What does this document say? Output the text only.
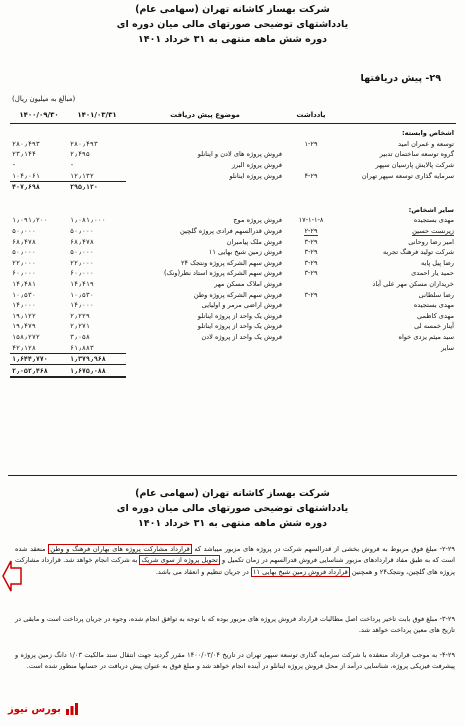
شرکت بهساز کاشانه تهران (سهامی عام)
یادداشتهای توضیحی صورتهای مالی میان دوره ای
دوره شش ماهه منتهی به ۳۱ خرداد ۱۴۰۱
۲۹- پیش دریافتها
(مبالغ به میلیون ریال)
	یادداشت	موضوع پیش دریافت	۱۴۰۱/۰۳/۳۱	۱۴۰۰/۰۹/۳۰
اشخاص وابسته:				
توسعه و عمران امید	۱-۲۹		۲۸۰٫۴۹۳	۲۸۰٫۴۹۳
گروه توسعه ساختمان تدبیر		فروش پروژه های لادن و اینانلو	۲٫۴۹۵	۲۳٫۱۴۴
شرکت پالایش پارسیان سپهر		فروش پروژه البرز	-	-
سرمایه گذاری توسعه سپهر تهران	۴-۲۹	فروش پروژه اینانلو	۱۲٫۱۳۲	۱۰۴٫۰۶۱
			۲۹۵٫۱۲۰	۴۰۷٫۶۹۸

سایر اشخاص:				
مهدی بستجیده	۱۷-۱-۱-۸	فروش پروژه موج	۱٫۰۸۱٫۰۰۰	۱٫۰۹۱٫۲۰۰
زیرنست حسین	۲-۲۹	فروش قدرالسهم فرادی پروژه گلچین	۵۰٫۰۰۰	۵۰٫۰۰۰
امیر رضا روحانی	۳-۲۹	فروش ملک پیامبران	۶۸٫۴۷۸	۶۸٫۴۷۸
شرکت تولید فرهنگ تجربه	۳-۲۹	فروش زمین شیخ بهایی ۱۱	۵۰٫۰۰۰	۵۰٫۰۰۰
رضا پیل پایه	۳-۲۹	فروش سهم الشرکه پروژه ونتجک ۲۴	۲۲٫۰۰۰	۲۲٫۰۰۰
حمید یار احمدی	۳-۲۹	فروش سهم الشرکه پروژه استاد نظر(ونک)	۶۰٫۰۰۰	۶۰٫۰۰۰
خریداران مسکن مهر علی آباد		فروش املاک مسکن مهر	۱۴٫۴۱۹	۱۴٫۴۸۱
رضا سلطانی	۳-۲۹	فروش سهم الشرکه پروژه وطن	۱۰٫۵۳۰	۱۰٫۵۳۰
مهدی بستجیده		فروش اراضی مرمر و اولیایی	۱۴٫۰۰۰	۱۴٫۰۰۰
مهدی کاظمی		فروش یک واحد از پروژه اینانلو	۲٫۲۲۹	۱۹٫۱۲۲
آیناز خمسه لی		فروش یک واحد از پروژه اینانلو	۲٫۲۷۱	۱۹٫۴۷۹
سید میثم یزدی خواه		فروش یک واحد از پروژه لادن	۳٫۰۵۸	۱۵۸٫۲۷۲
سایر			۶۱٫۸۸۳	۴۲٫۱۲۸
			۱٫۳۷۹٫۹۶۸	۱٫۶۴۴٫۷۷۰
			۱٫۶۷۵٫۰۸۸	۲٫۰۵۲٫۴۶۸
شرکت بهساز کاشانه تهران (سهامی عام)
یادداشتهای توضیحی صورتهای مالی میان دوره ای
دوره شش ماهه منتهی به ۳۱ خرداد ۱۴۰۱
۲-۲۹- مبلغ فوق مربوط به فروش بخشی از قدرالسهم شرکت در پروژه های مزبور میباشد که قرارداد مشارکت پروژه های بهاران فرهنگ و وطن منعقد شده است که به طبق مفاد قراردادهای مزبور شناسایی فروش قدرالسهم در زمان تکمیل و تحویل پروژه از سوی شریک به شرکت انجام خواهد شد. قرارداد مشارکت پروژه های گلچین، ونتجک۲۴ و همچنین قرارداد فروش زمین شیخ بهایی ۱۱ در جریان تنظیم و انعقاد می باشد.
۳-۲۹- مبلغ فوق بابت تاخیر پرداخت اصل مطالبات قرارداد فروش پروژه های مزبور بوده که با توجه به توافق انجام شده، وجوه در جریان پرداخت است و مابقی در تاریخ های معین پرداخت خواهد شد.
۴-۲۹- به موجب قرارداد منعقده با شرکت سرمایه گذاری توسعه سپهر تهران در تاریخ ۱۴۰۰/۰۳/۰۴ مقرر گردید جهت انتقال سند مالکیت ۱/۰۳ دانگ زمین پروژه و پیشرفت فیزیکی پروژه، شناسایی درآمد از محل فروش پروژه اینانلو در آینده انجام خواهد شد و مبلغ فوق به عنوان پیش دریافت در حسابها منظور شده است.
بورس نیوز
